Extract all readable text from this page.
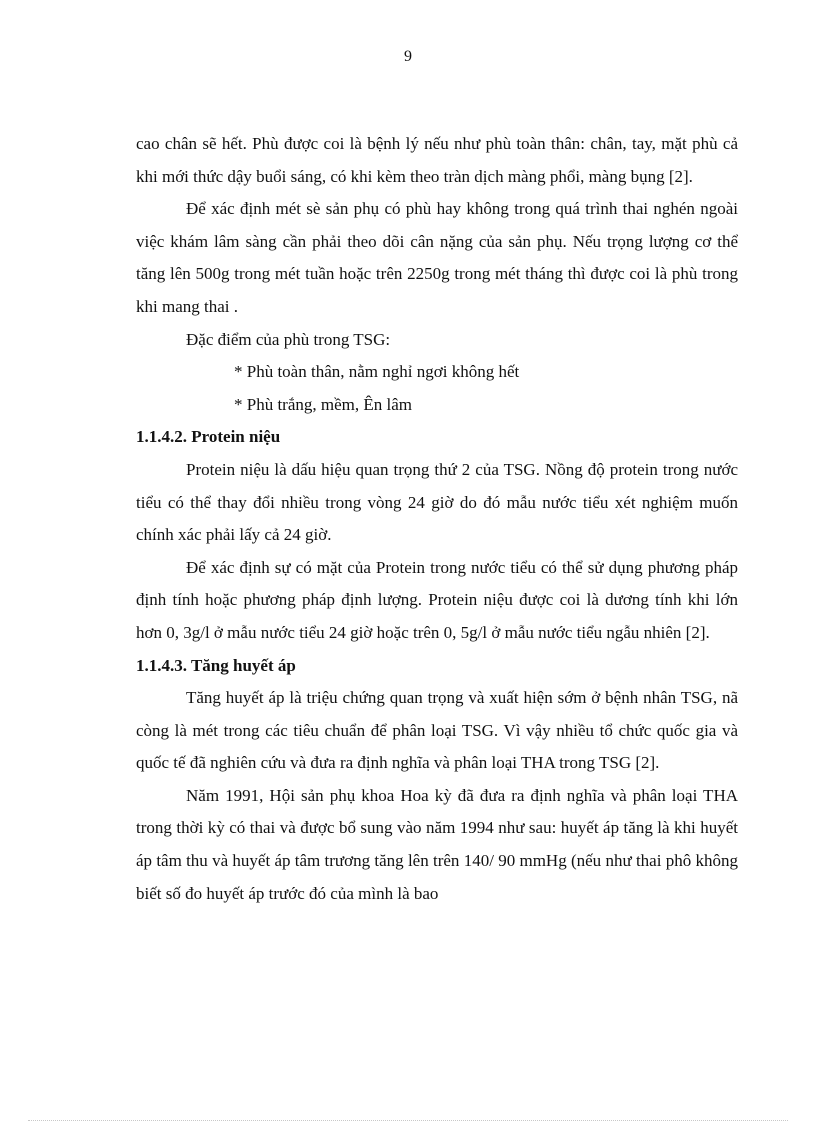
9

cao chân sẽ hết. Phù được coi là bệnh lý nếu như phù toàn thân: chân, tay, mặt phù cả khi mới thức dậy buổi sáng, có khi kèm theo tràn dịch màng phổi, màng bụng [2].

Để xác định mét sè sản phụ có phù hay không trong quá trình thai nghén ngoài việc khám lâm sàng cần phải theo dõi cân nặng của sản phụ. Nếu trọng lượng cơ thể tăng lên 500g trong mét tuần hoặc trên 2250g trong mét tháng thì được coi là phù trong khi mang thai .

Đặc điểm của phù trong TSG:

* Phù toàn thân, nằm nghỉ ngơi không hết

* Phù trắng, mềm, Ên lâm

1.1.4.2. Protein niệu

Protein niệu là dấu hiệu quan trọng thứ 2 của TSG. Nồng độ protein trong nước tiểu có thể thay đổi nhiều trong vòng 24 giờ do đó mẫu nước tiểu xét nghiệm muốn chính xác phải lấy cả 24 giờ.

Để xác định sự có mặt của Protein trong nước tiểu có thể sử dụng phương pháp định tính hoặc phương pháp định lượng. Protein niệu được coi là dương tính khi lớn hơn 0, 3g/l ở mẫu nước tiểu 24 giờ hoặc trên 0, 5g/l ở mẫu nước tiểu ngẫu nhiên [2].

1.1.4.3. Tăng huyết áp

Tăng huyết áp là triệu chứng quan trọng và xuất hiện sớm ở bệnh nhân TSG, nã còng là mét trong các tiêu chuẩn để phân loại TSG. Vì vậy nhiều tổ chức quốc gia và quốc tế đã nghiên cứu và đưa ra định nghĩa và phân loại THA trong TSG [2].

Năm 1991, Hội sản phụ khoa Hoa kỳ đã đưa ra định nghĩa và phân loại THA trong thời kỳ có thai và được bổ sung vào năm 1994 như sau: huyết áp tăng là khi huyết áp tâm thu và huyết áp tâm trương tăng lên trên 140/ 90 mmHg (nếu như thai phô không biết số đo huyết áp trước đó của mình là bao
